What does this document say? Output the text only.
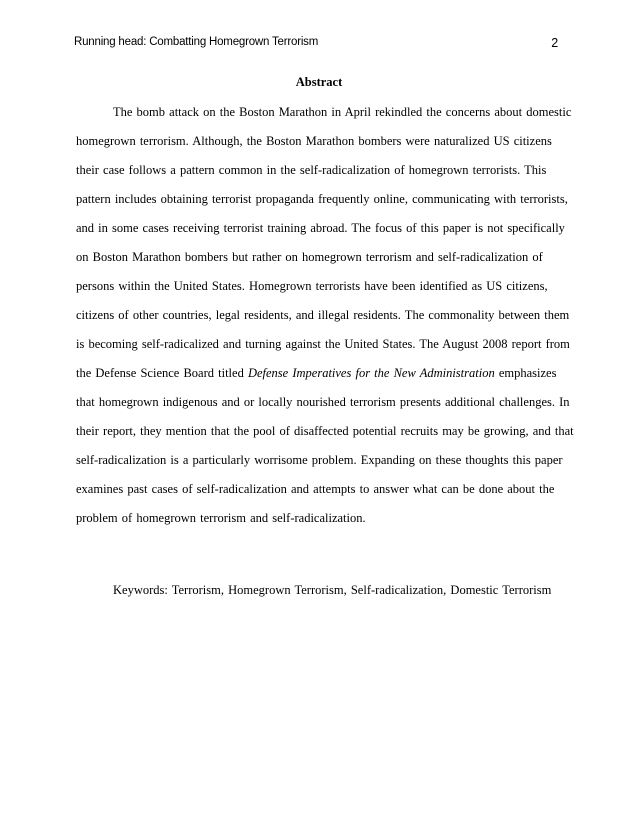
Running head: Combatting Homegrown Terrorism	2
Abstract
The bomb attack on the Boston Marathon in April rekindled the concerns about domestic
homegrown terrorism. Although, the Boston Marathon bombers were naturalized US citizens
their case follows a pattern common in the self-radicalization of homegrown terrorists. This
pattern includes obtaining terrorist propaganda frequently online, communicating with terrorists,
and in some cases receiving terrorist training abroad. The focus of this paper is not specifically
on Boston Marathon bombers but rather on homegrown terrorism and self-radicalization of
persons within the United States. Homegrown terrorists have been identified as US citizens,
citizens of other countries, legal residents, and illegal residents. The commonality between them
is becoming self-radicalized and turning against the United States. The August 2008 report from
the Defense Science Board titled Defense Imperatives for the New Administration emphasizes
that homegrown indigenous and or locally nourished terrorism presents additional challenges. In
their report, they mention that the pool of disaffected potential recruits may be growing, and that
self-radicalization is a particularly worrisome problem. Expanding on these thoughts this paper
examines past cases of self-radicalization and attempts to answer what can be done about the
problem of homegrown terrorism and self-radicalization.
Keywords: Terrorism, Homegrown Terrorism, Self-radicalization, Domestic Terrorism
